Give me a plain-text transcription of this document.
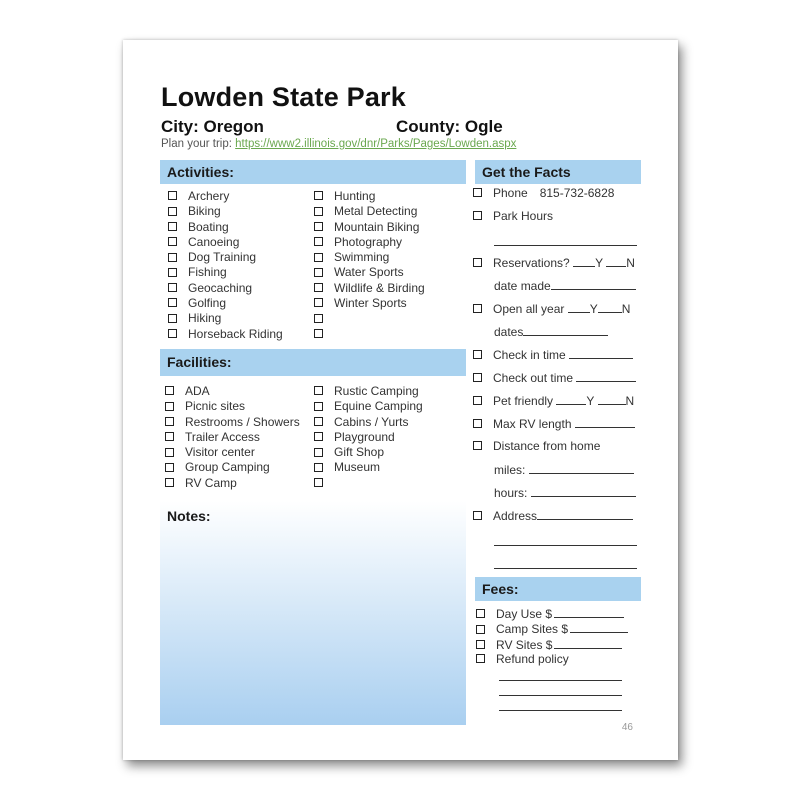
Lowden State Park
City: Oregon	County: Ogle
Plan your trip: https://www2.illinois.gov/dnr/Parks/Pages/Lowden.aspx
Activities:
Archery
Biking
Boating
Canoeing
Dog Training
Fishing
Geocaching
Golfing
Hiking
Horseback Riding
Hunting
Metal Detecting
Mountain Biking
Photography
Swimming
Water Sports
Wildlife & Birding
Winter Sports
Facilities:
ADA
Picnic sites
Restrooms / Showers
Trailer Access
Visitor center
Group Camping
RV Camp
Rustic Camping
Equine Camping
Cabins / Yurts
Playground
Gift Shop
Museum
Notes:
Get the Facts
Phone 815-732-6828
Park Hours
Reservations? Y N
date made
Open all year Y N
dates
Check in time
Check out time
Pet friendly	Y	N
Max RV length
Distance from home
miles:
hours:
Address
Fees:
Day Use $
Camp Sites $
RV Sites $
Refund policy
46
